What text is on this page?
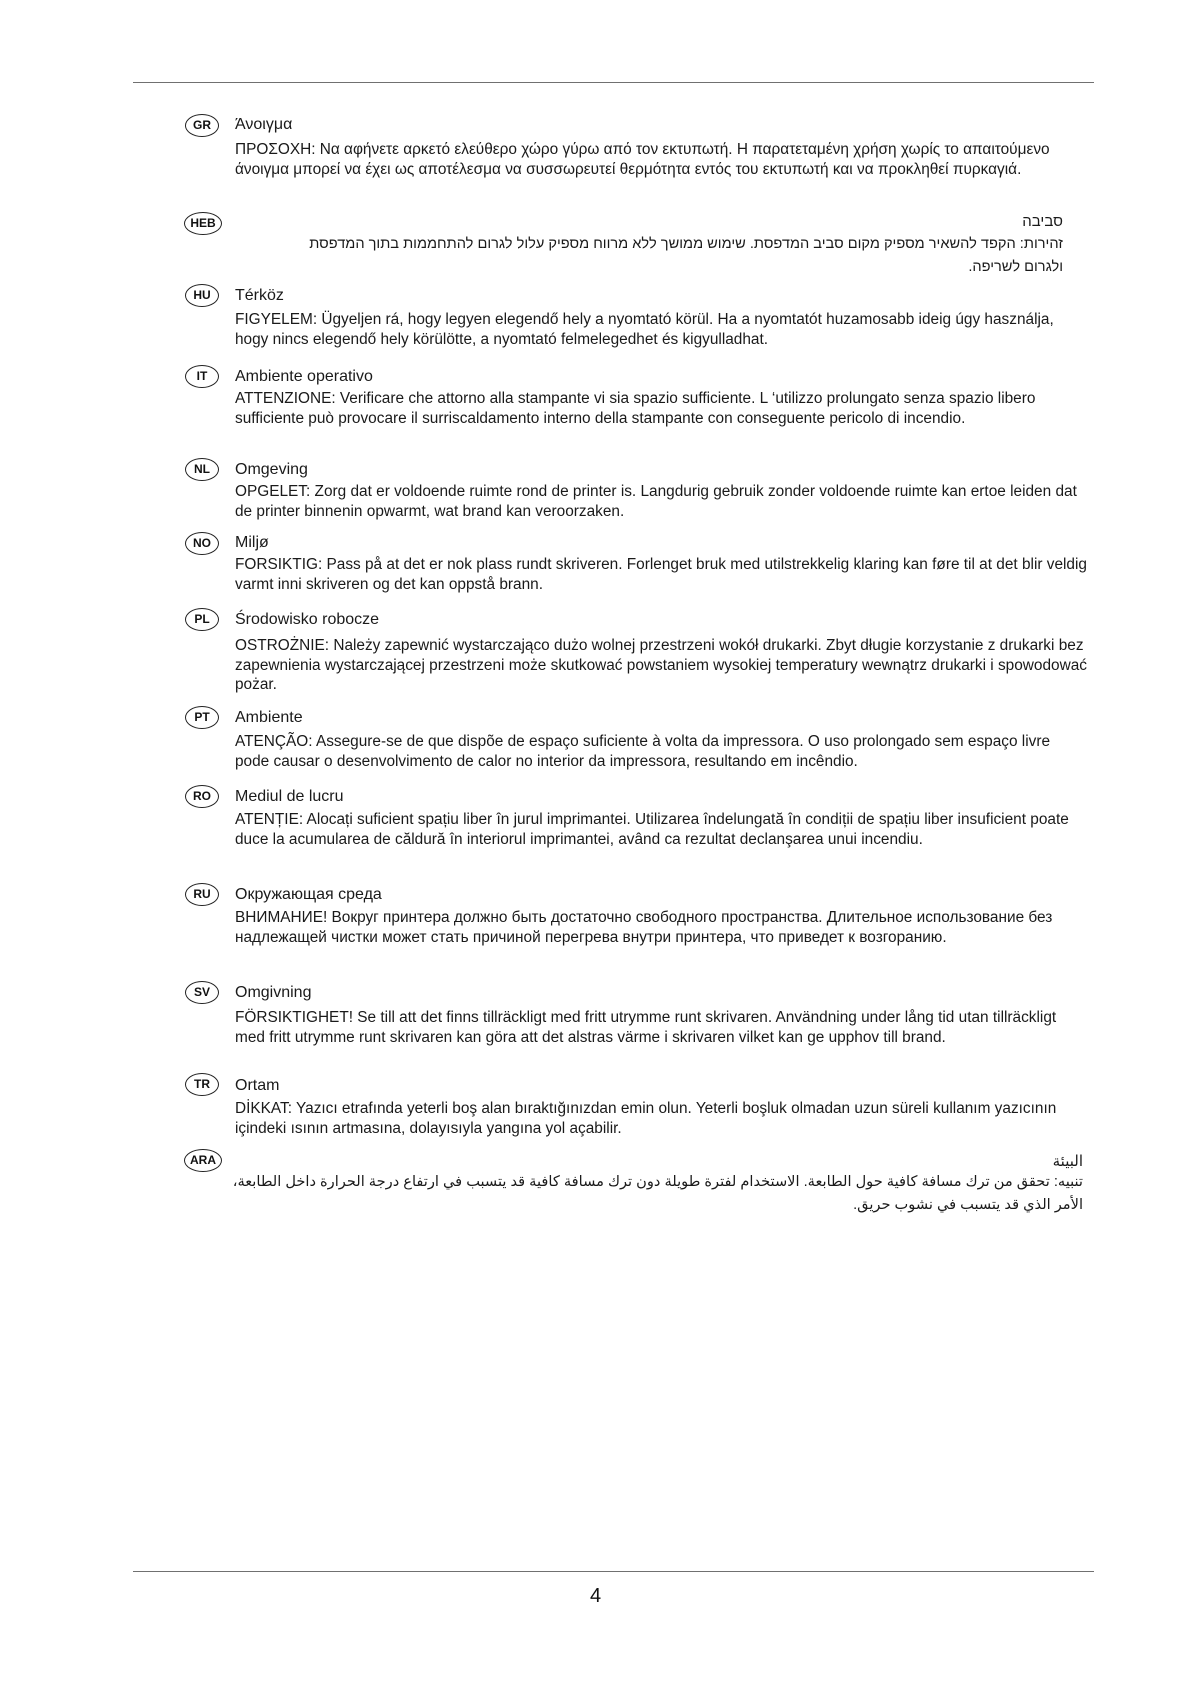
GR	Άνοιγμα
ΠΡΟΣΟΧΗ: Να αφήνετε αρκετό ελεύθερο χώρο γύρω από τον εκτυπωτή. Η παρατεταμένη χρήση χωρίς το απαιτούμενο άνοιγμα μπορεί να έχει ως αποτέλεσμα να συσσωρευτεί θερμότητα εντός του εκτυπωτή και να προκληθεί πυρκαγιά.
HEB	סביבה
זהירות: הקפד להשאיר מספיק מקום סביב המדפסת. שימוש ממושך ללא מרווח מספיק עלול לגרום להתחממות בתוך המדפסת ולגרום לשריפה.
HU	Térköz
FIGYELEM: Ügyeljen rá, hogy legyen elegendő hely a nyomtató körül. Ha a nyomtatót huzamosabb ideig úgy használja, hogy nincs elegendő hely körülötte, a nyomtató felmelegedhet és kigyulladhat.
IT	Ambiente operativo
ATTENZIONE: Verificare che attorno alla stampante vi sia spazio sufficiente. L ‘utilizzo prolungato senza spazio libero sufficiente può provocare il surriscaldamento interno della stampante con conseguente pericolo di incendio.
NL	Omgeving
OPGELET: Zorg dat er voldoende ruimte rond de printer is. Langdurig gebruik zonder voldoende ruimte kan ertoe leiden dat de printer binnenin opwarmt, wat brand kan veroorzaken.
NO	Miljø
FORSIKTIG: Pass på at det er nok plass rundt skriveren. Forlenget bruk med utilstrekkelig klaring kan føre til at det blir veldig varmt inni skriveren og det kan oppstå brann.
PL	Środowisko robocze
OSTROŻNIE: Należy zapewnić wystarczająco dużo wolnej przestrzeni wokół drukarki. Zbyt długie korzystanie z drukarki bez zapewnienia wystarczającej przestrzeni może skutkować powstaniem wysokiej temperatury wewnątrz drukarki i spowodować pożar.
PT	Ambiente
ATENÇÃO: Assegure-se de que dispõe de espaço suficiente à volta da impressora. O uso prolongado sem espaço livre pode causar o desenvolvimento de calor no interior da impressora, resultando em incêndio.
RO	Mediul de lucru
ATENȚIE: Alocați suficient spațiu liber în jurul imprimantei. Utilizarea îndelungată în condiții de spațiu liber insuficient poate duce la acumularea de căldură în interiorul imprimantei, având ca rezultat declanşarea unui incendiu.
RU	Окружающая среда
ВНИМАНИЕ! Вокруг принтера должно быть достаточно свободного пространства. Длительное использование без надлежащей чистки может стать причиной перегрева внутри принтера, что приведет к возгоранию.
SV	Omgivning
FÖRSIKTIGHET! Se till att det finns tillräckligt med fritt utrymme runt skrivaren. Användning under lång tid utan tillräckligt med fritt utrymme runt skrivaren kan göra att det alstras värme i skrivaren vilket kan ge upphov till brand.
TR	Ortam
DİKKAT: Yazıcı etrafında yeterli boş alan bıraktığınızdan emin olun. Yeterli boşluk olmadan uzun süreli kullanım yazıcının içindeki ısının artmasına, dolayısıyla yangına yol açabilir.
ARA	البيئة
تنبيه: تحقق من ترك مسافة كافية حول الطابعة. الاستخدام لفترة طويلة دون ترك مسافة كافية قد يتسبب في ارتفاع درجة الحرارة داخل الطابعة، الأمر الذي قد يتسبب في نشوب حريق.
4
